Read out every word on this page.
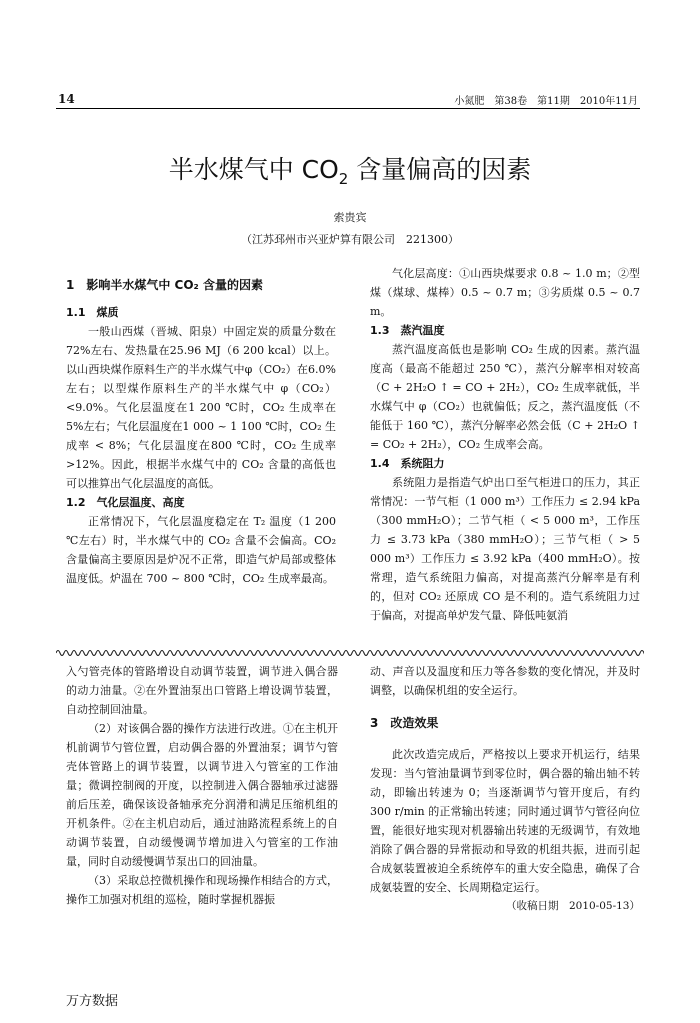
14	小氮肥　第38卷　第11期　2010年11月
半水煤气中 $CO_2$ 含量偏高的因素
索贵宾
（江苏邳州市兴亚炉算有限公司　221300）

1　影响半水煤气中 CO₂ 含量的因素

1.1　煤质

一般山西煤（晋城、阳泉）中固定炭的质量分数在72%左右、发热量在25.96 MJ（6 200 kcal）以上。以山西块煤作原料生产的半水煤气中φ（CO₂）在6.0%左右；以型煤作原料生产的半水煤气中 φ（CO₂）<9.0%。气化层温度在1 200 ℃时，CO₂ 生成率在5%左右；气化层温度在1 000 ~ 1 100 ℃时，CO₂ 生成率 < 8%；气化层温度在800 ℃时，CO₂ 生成率 >12%。因此，根据半水煤气中的 CO₂ 含量的高低也可以推算出气化层温度的高低。

1.2　气化层温度、高度

正常情况下，气化层温度稳定在 T₂ 温度（1 200 ℃左右）时，半水煤气中的 CO₂ 含量不会偏高。CO₂ 含量偏高主要原因是炉况不正常，即造气炉局部或整体温度低。炉温在 700 ~ 800 ℃时，CO₂ 生成率最高。

气化层高度：①山西块煤要求 0.8 ~ 1.0 m；②型煤（煤球、煤棒）0.5 ~ 0.7 m；③劣质煤 0.5 ~ 0.7 m。

1.3　蒸汽温度

蒸汽温度高低也是影响 CO₂ 生成的因素。蒸汽温度高（最高不能超过 250 ℃），蒸汽分解率相对较高（C + 2H₂O ↑ = CO + 2H₂），CO₂ 生成率就低，半水煤气中 φ（CO₂）也就偏低；反之，蒸汽温度低（不能低于 160 ℃），蒸汽分解率必然会低（C + 2H₂O ↑ = CO₂ + 2H₂），CO₂ 生成率会高。

1.4　系统阻力

系统阻力是指造气炉出口至气柜进口的压力，其正常情况：一节气柜（1 000 m³）工作压力 ≤ 2.94 kPa（300 mmH₂O）；二节气柜（ < 5 000 m³，工作压力 ≤ 3.73 kPa（380 mmH₂O）；三节气柜（ > 5 000 m³）工作压力 ≤ 3.92 kPa（400 mmH₂O）。按常理，造气系统阻力偏高，对提高蒸汽分解率是有利的，但对 CO₂ 还原成 CO 是不利的。造气系统阻力过于偏高，对提高单炉发气量、降低吨氨消

入勺管壳体的管路增设自动调节装置，调节进入偶合器的动力油量。②在外置油泵出口管路上增设调节装置，自动控制回油量。

（2）对该偶合器的操作方法进行改进。①在主机开机前调节勺管位置，启动偶合器的外置油泵；调节勺管壳体管路上的调节装置，以调节进入勺管室的工作油量；微调控制阀的开度，以控制进入偶合器轴承过滤器前后压差，确保该设备轴承充分润滑和满足压缩机组的开机条件。②在主机启动后，通过油路流程系统上的自动调节装置，自动缓慢调节增加进入勺管室的工作油量，同时自动缓慢调节泵出口的回油量。

（3）采取总控微机操作和现场操作相结合的方式，操作工加强对机组的巡检，随时掌握机器振

动、声音以及温度和压力等各参数的变化情况，并及时调整，以确保机组的安全运行。

3　改造效果

此次改造完成后，严格按以上要求开机运行，结果发现：当勺管油量调节到零位时，偶合器的输出轴不转动，即输出转速为 0；当逐渐调节勺管开度后，有约 300 r/min 的正常输出转速；同时通过调节勺管径向位置，能很好地实现对机器输出转速的无级调节，有效地消除了偶合器的异常振动和导致的机组共振，进而引起合成氨装置被迫全系统停车的重大安全隐患，确保了合成氨装置的安全、长周期稳定运行。

（收稿日期　2010-05-13）

万方数据
